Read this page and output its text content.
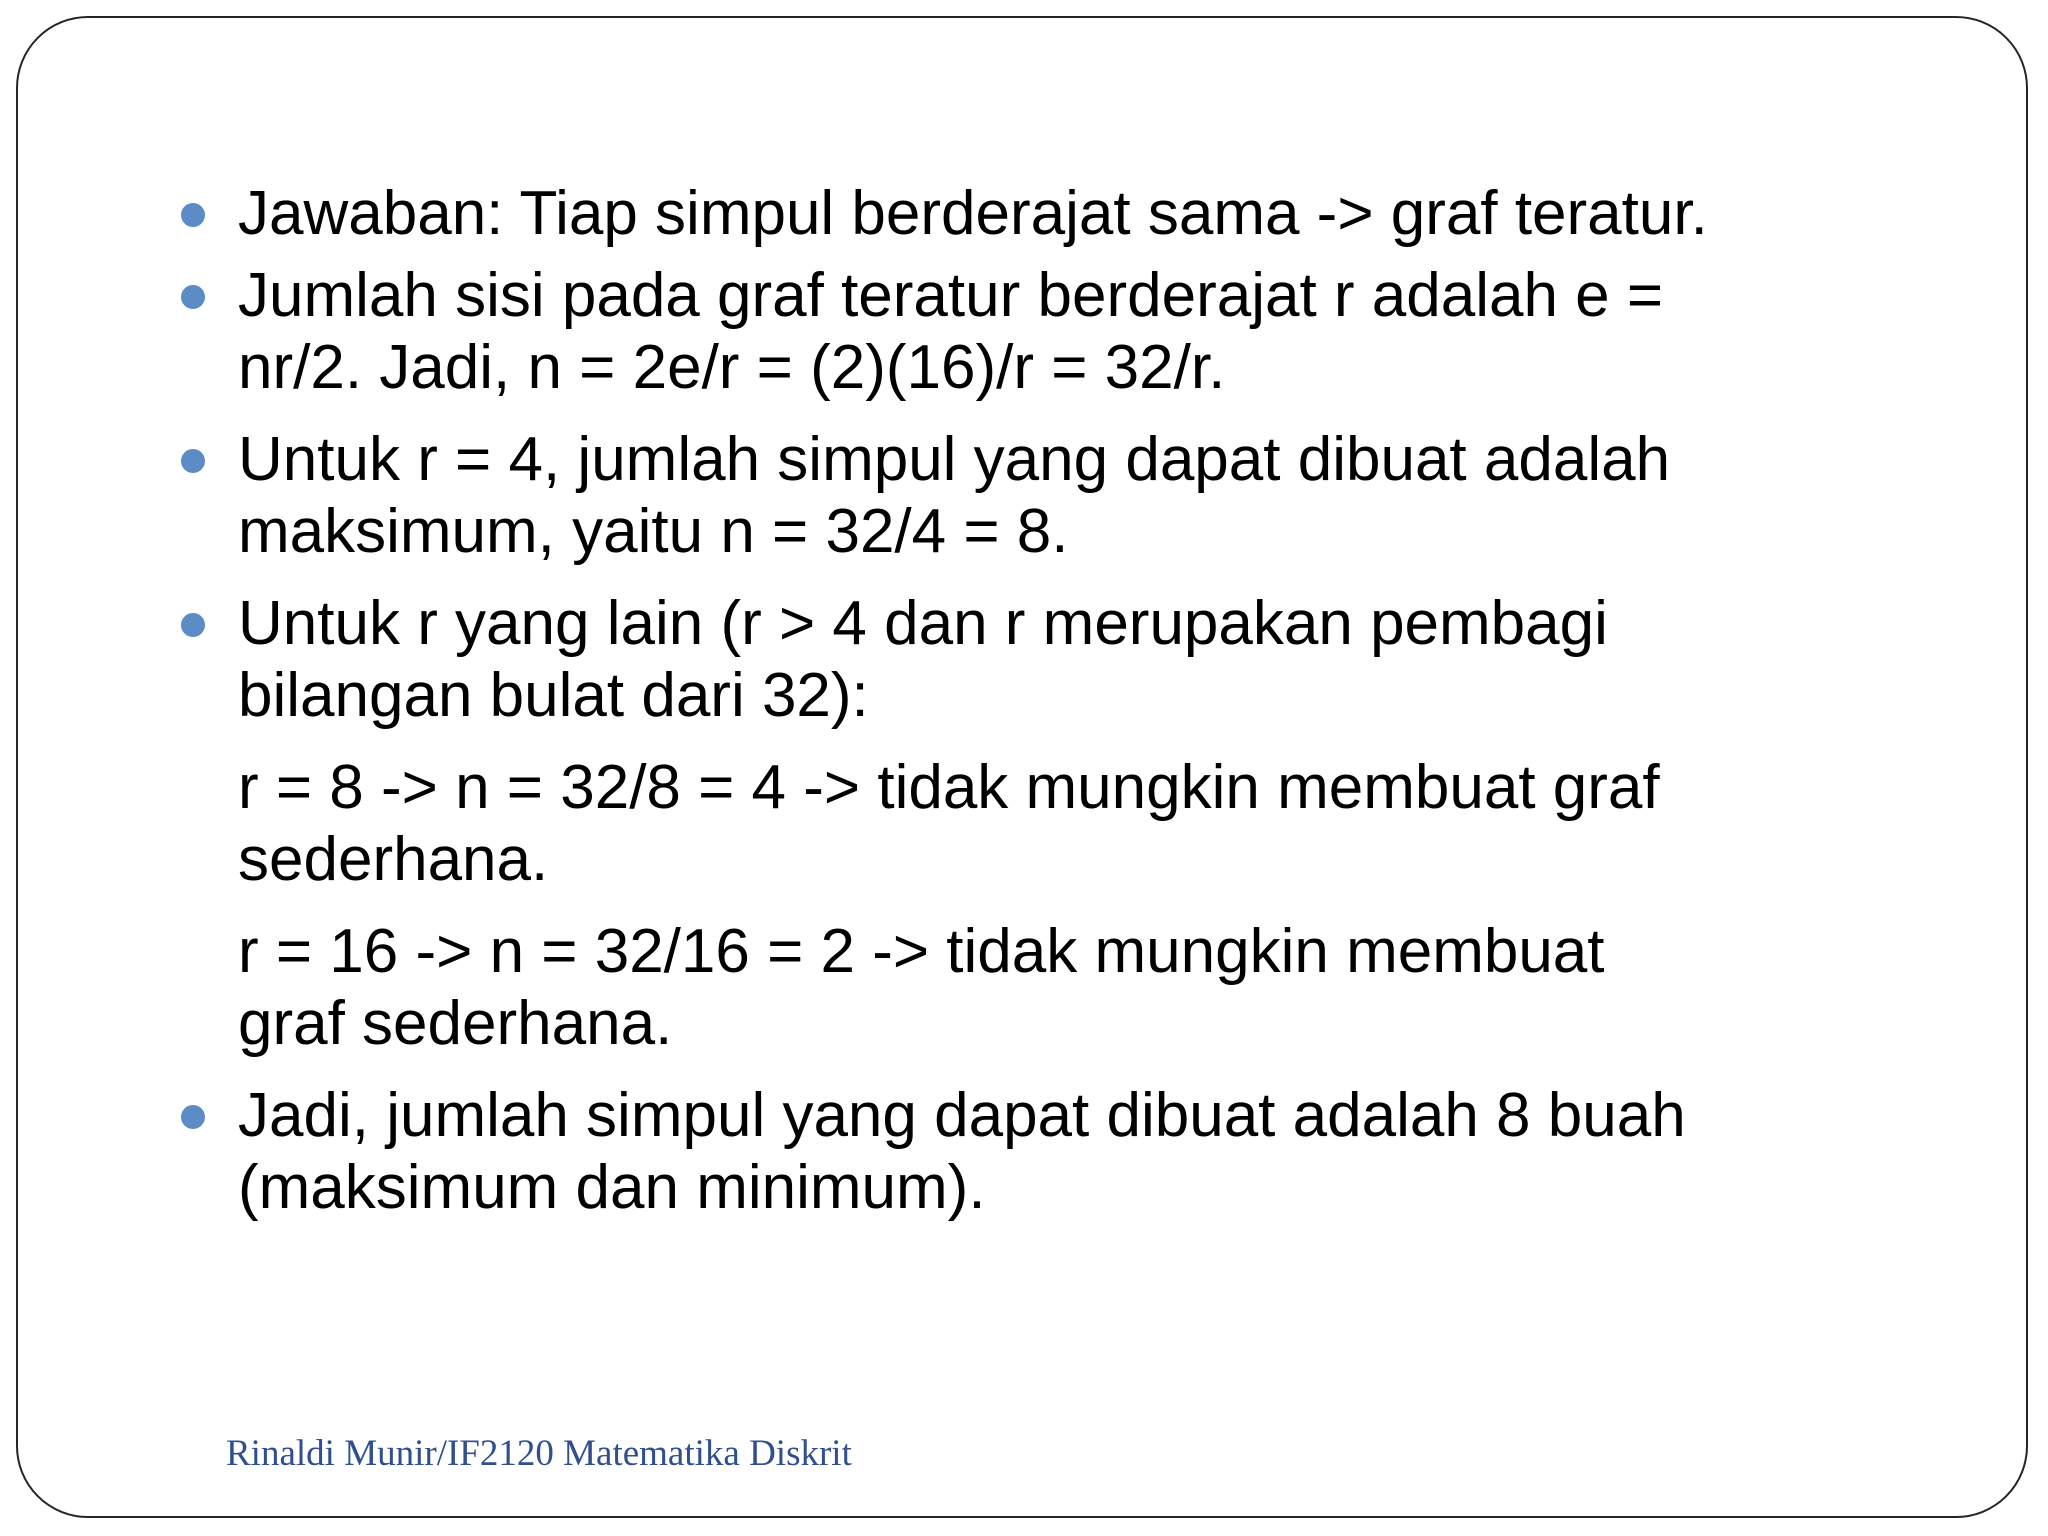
Jawaban: Tiap simpul berderajat sama -> graf teratur.
Jumlah sisi pada graf teratur berderajat r adalah e =
nr/2. Jadi, n = 2e/r = (2)(16)/r = 32/r.
Untuk r = 4, jumlah simpul yang dapat dibuat adalah
maksimum, yaitu n = 32/4 = 8.
Untuk r yang lain (r > 4 dan r merupakan pembagi
bilangan bulat dari 32):
r = 8 -> n = 32/8 = 4 -> tidak mungkin membuat graf
sederhana.
r = 16 -> n = 32/16 = 2 -> tidak mungkin membuat
graf sederhana.
Jadi, jumlah simpul yang dapat dibuat adalah 8 buah
(maksimum dan minimum).
Rinaldi Munir/IF2120 Matematika Diskrit
